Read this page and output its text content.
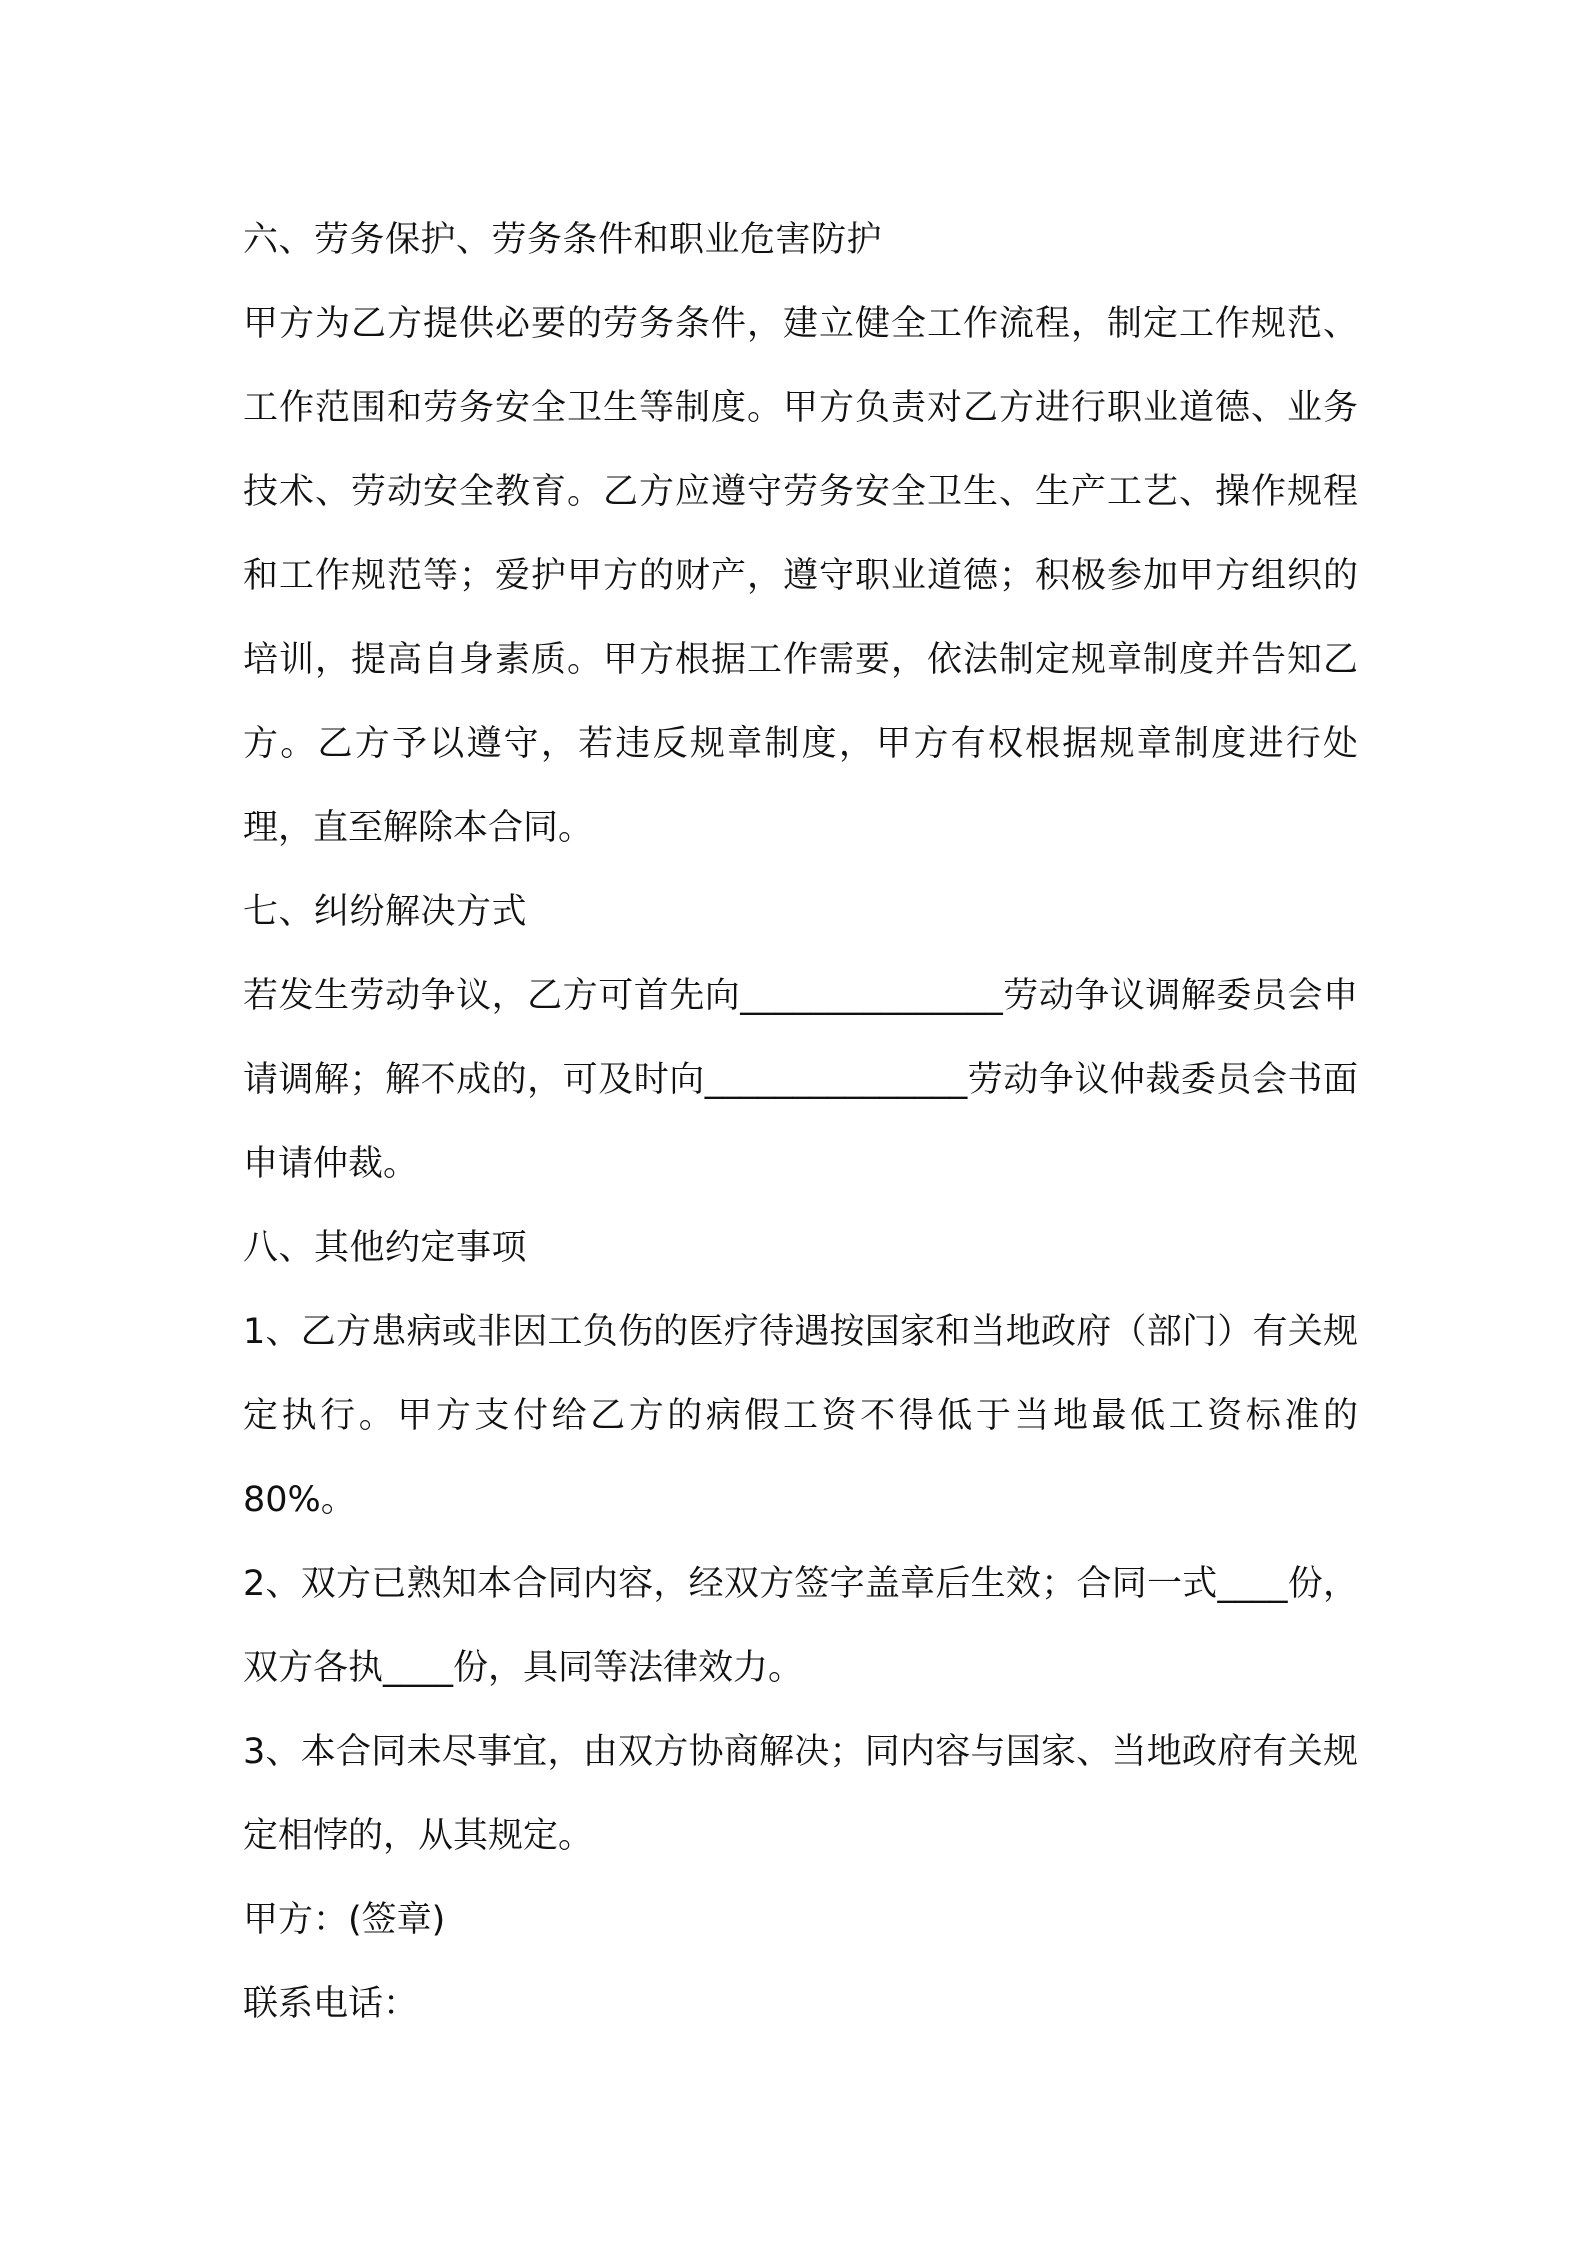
六、劳务保护、劳务条件和职业危害防护

甲方为乙方提供必要的劳务条件，建立健全工作流程，制定工作规范、工作范围和劳务安全卫生等制度。甲方负责对乙方进行职业道德、业务技术、劳动安全教育。乙方应遵守劳务安全卫生、生产工艺、操作规程和工作规范等；爱护甲方的财产，遵守职业道德；积极参加甲方组织的培训，提高自身素质。甲方根据工作需要，依法制定规章制度并告知乙方。乙方予以遵守，若违反规章制度，甲方有权根据规章制度进行处理，直至解除本合同。

七、纠纷解决方式

若发生劳动争议，乙方可首先向_______________劳动争议调解委员会申请调解；解不成的，可及时向_______________劳动争议仲裁委员会书面申请仲裁。

八、其他约定事项

1、乙方患病或非因工负伤的医疗待遇按国家和当地政府（部门）有关规定执行。甲方支付给乙方的病假工资不得低于当地最低工资标准的 80%。

2、双方已熟知本合同内容，经双方签字盖章后生效；合同一式____份，双方各执____份，具同等法律效力。

3、本合同未尽事宜，由双方协商解决；同内容与国家、当地政府有关规定相悖的，从其规定。

甲方：(签章)

联系电话：
